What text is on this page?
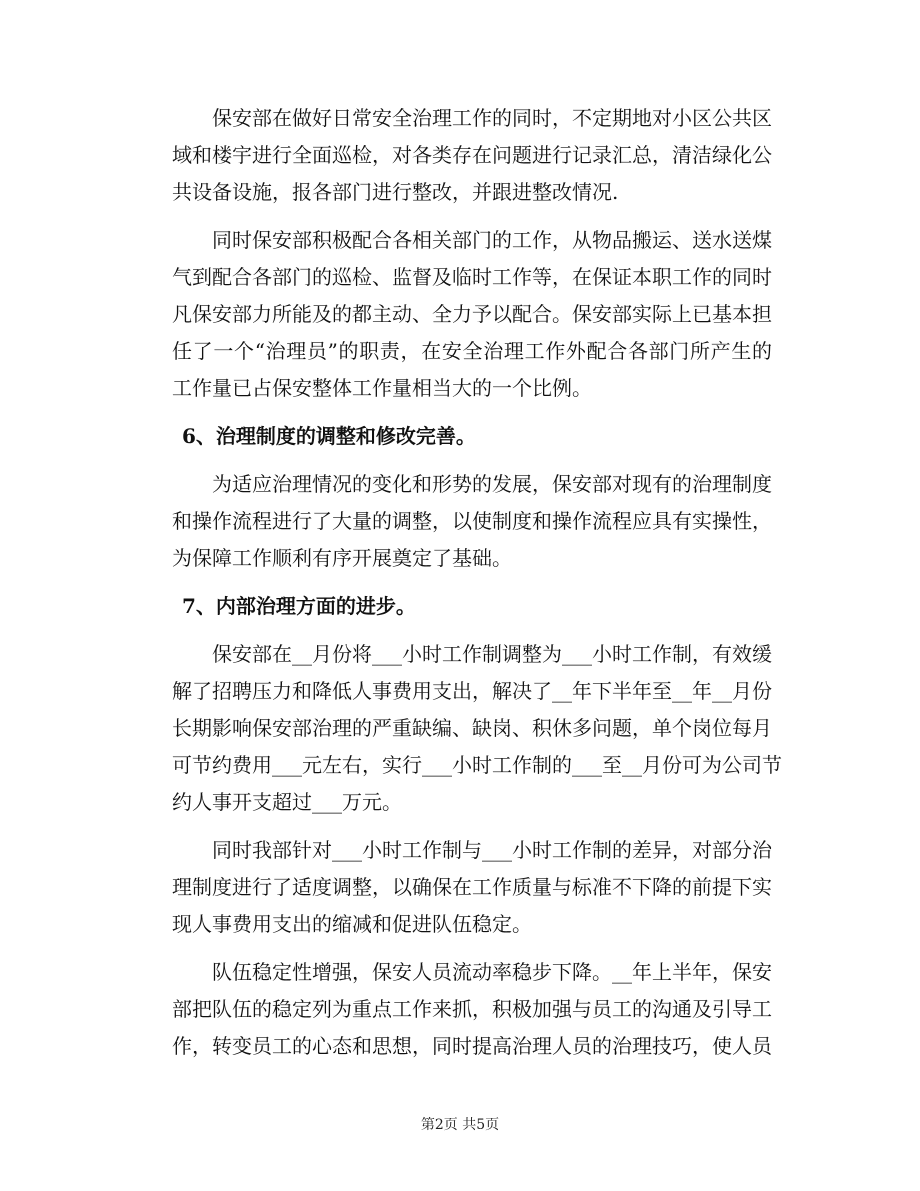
保安部在做好日常安全治理工作的同时，不定期地对小区公共区
域和楼宇进行全面巡检，对各类存在问题进行记录汇总，清洁绿化公
共设备设施，报各部门进行整改，并跟进整改情况.
同时保安部积极配合各相关部门的工作，从物品搬运、送水送煤
气到配合各部门的巡检、监督及临时工作等，在保证本职工作的同时
凡保安部力所能及的都主动、全力予以配合。保安部实际上已基本担
任了一个“治理员”的职责，在安全治理工作外配合各部门所产生的
工作量已占保安整体工作量相当大的一个比例。
6、治理制度的调整和修改完善。
为适应治理情况的变化和形势的发展，保安部对现有的治理制度
和操作流程进行了大量的调整，以使制度和操作流程应具有实操性，
为保障工作顺利有序开展奠定了基础。
7、内部治理方面的进步。
保安部在__月份将___小时工作制调整为___小时工作制，有效缓
解了招聘压力和降低人事费用支出，解决了__年下半年至__年__月份
长期影响保安部治理的严重缺编、缺岗、积休多问题，单个岗位每月
可节约费用___元左右，实行___小时工作制的___至__月份可为公司节
约人事开支超过___万元。
同时我部针对___小时工作制与___小时工作制的差异，对部分治
理制度进行了适度调整，以确保在工作质量与标准不下降的前提下实
现人事费用支出的缩减和促进队伍稳定。
队伍稳定性增强，保安人员流动率稳步下降。__年上半年，保安
部把队伍的稳定列为重点工作来抓，积极加强与员工的沟通及引导工
作，转变员工的心态和思想，同时提高治理人员的治理技巧，使人员
第2页 共5页
